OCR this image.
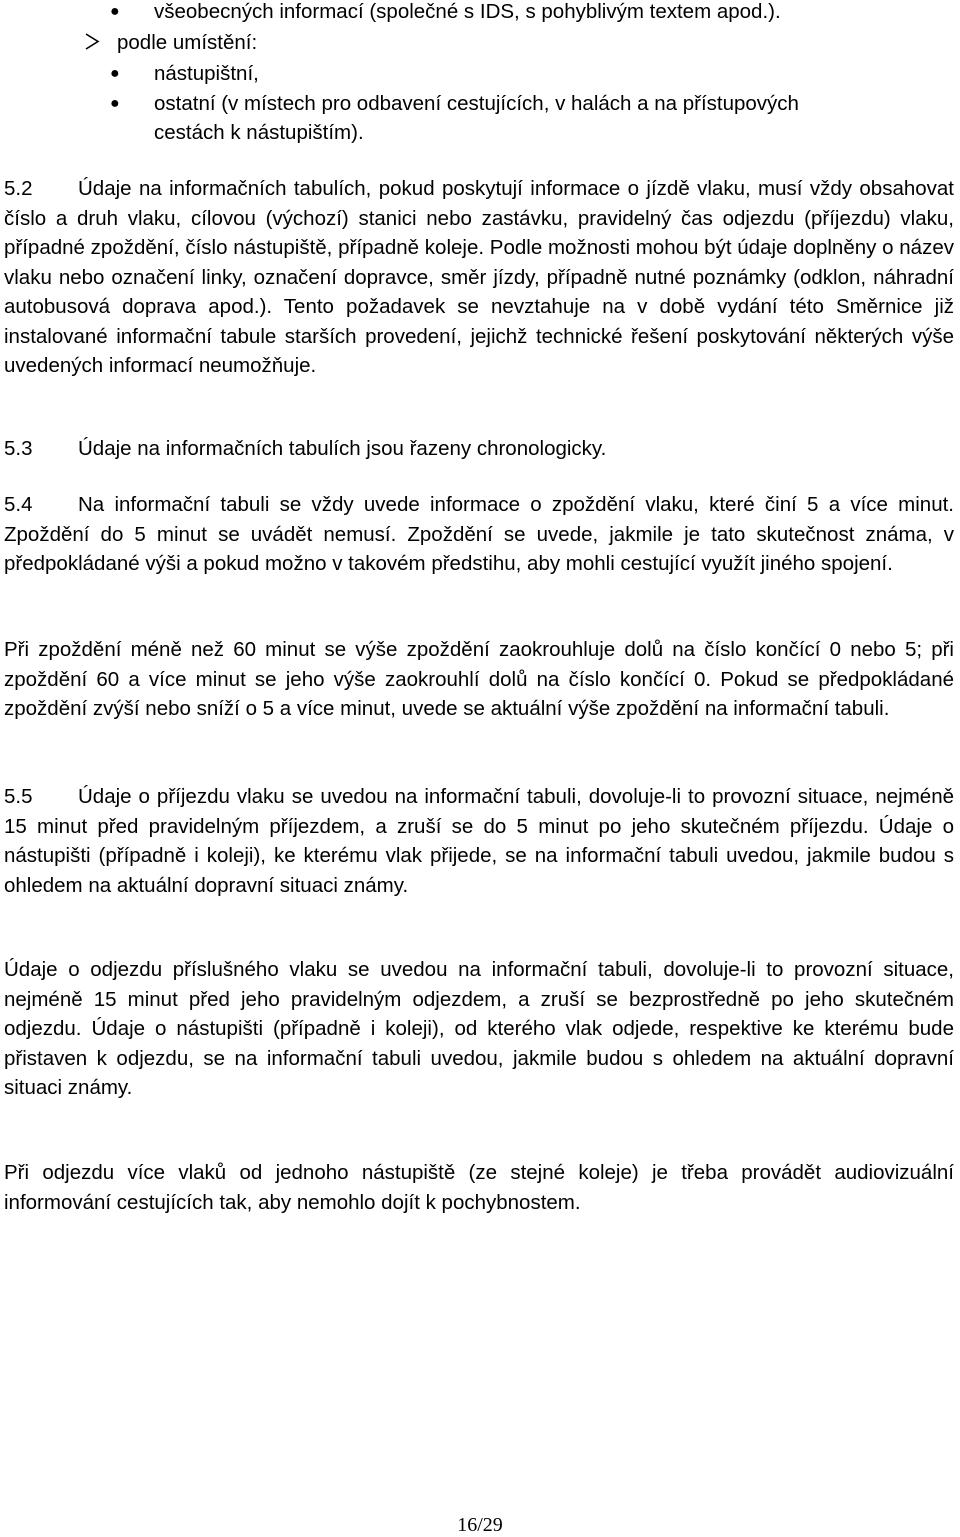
● všeobecných informací (společné s IDS, s pohyblivým textem apod.).
podle umístění:
● nástupištní,
● ostatní (v místech pro odbavení cestujících, v halách a na přístupových
cestách k nástupištím).
5.2 Údaje na informačních tabulích, pokud poskytují informace o jízdě vlaku, musí vždy obsahovat číslo a druh vlaku, cílovou (výchozí) stanici nebo zastávku, pravidelný čas odjezdu (příjezdu) vlaku, případné zpoždění, číslo nástupiště, případně koleje. Podle možnosti mohou být údaje doplněny o název vlaku nebo označení linky, označení dopravce, směr jízdy, případně nutné poznámky (odklon, náhradní autobusová doprava apod.). Tento požadavek se nevztahuje na v době vydání této Směrnice již instalované informační tabule starších provedení, jejichž technické řešení poskytování některých výše uvedených informací neumožňuje.
5.3 Údaje na informačních tabulích jsou řazeny chronologicky.
5.4 Na informační tabuli se vždy uvede informace o zpoždění vlaku, které činí 5 a více minut. Zpoždění do 5 minut se uvádět nemusí. Zpoždění se uvede, jakmile je tato skutečnost známa, v předpokládané výši a pokud možno v takovém předstihu, aby mohli cestující využít jiného spojení.
Při zpoždění méně než 60 minut se výše zpoždění zaokrouhluje dolů na číslo končící 0 nebo 5; při zpoždění 60 a více minut se jeho výše zaokrouhlí dolů na číslo končící 0. Pokud se předpokládané zpoždění zvýší nebo sníží o 5 a více minut, uvede se aktuální výše zpoždění na informační tabuli.
5.5 Údaje o příjezdu vlaku se uvedou na informační tabuli, dovoluje-li to provozní situace, nejméně 15 minut před pravidelným příjezdem, a zruší se do 5 minut po jeho skutečném příjezdu. Údaje o nástupišti (případně i koleji), ke kterému vlak přijede, se na informační tabuli uvedou, jakmile budou s ohledem na aktuální dopravní situaci známy.
Údaje o odjezdu příslušného vlaku se uvedou na informační tabuli, dovoluje-li to provozní situace, nejméně 15 minut před jeho pravidelným odjezdem, a zruší se bezprostředně po jeho skutečném odjezdu. Údaje o nástupišti (případně i koleji), od kterého vlak odjede, respektive ke kterému bude přistaven k odjezdu, se na informační tabuli uvedou, jakmile budou s ohledem na aktuální dopravní situaci známy.
Při odjezdu více vlaků od jednoho nástupiště (ze stejné koleje) je třeba provádět audiovizuální informování cestujících tak, aby nemohlo dojít k pochybnostem.
16/29
